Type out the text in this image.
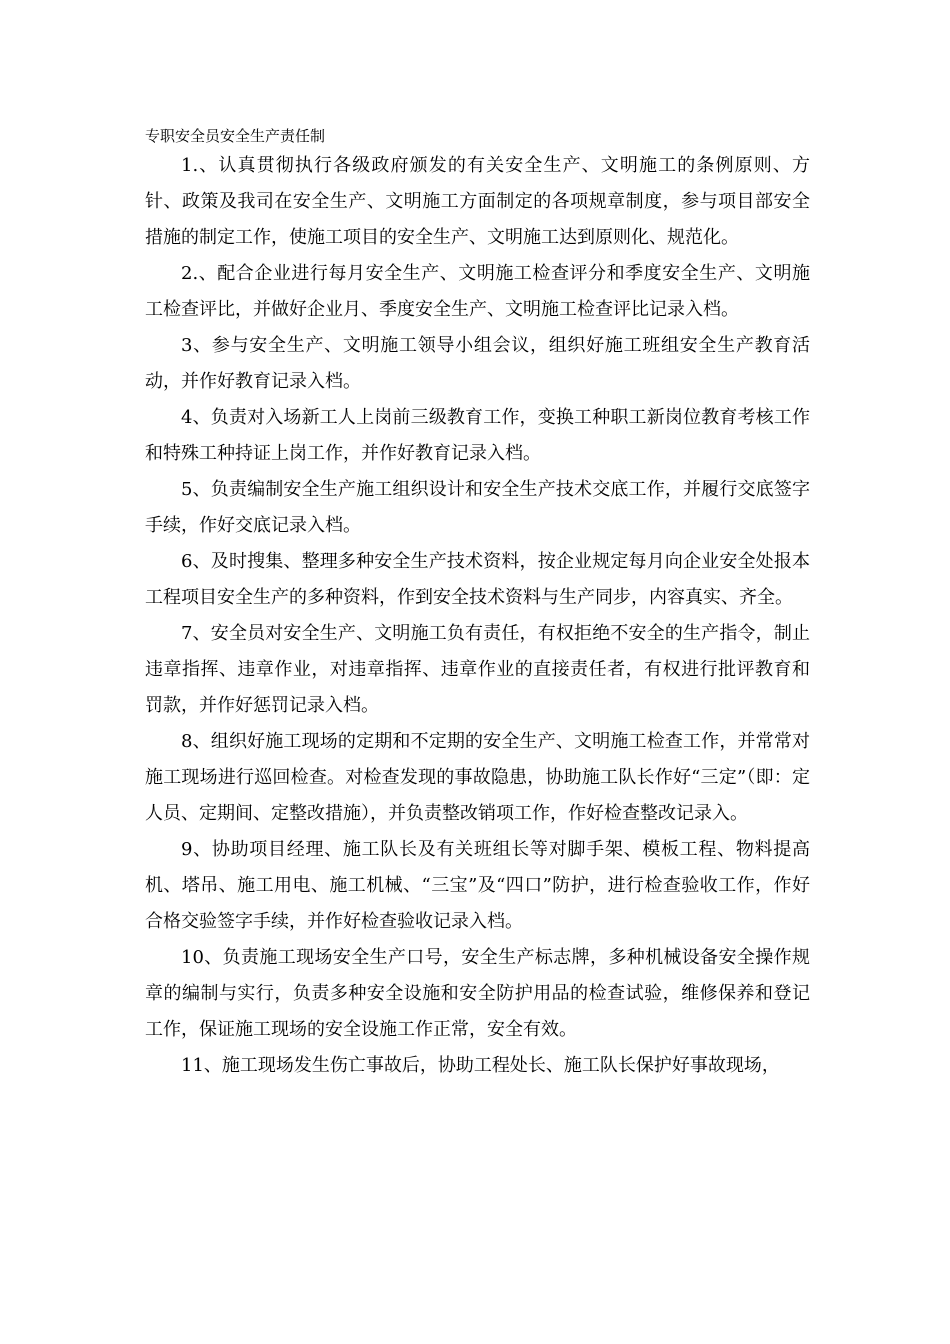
专职安全员安全生产责任制

1.、认真贯彻执行各级政府颁发的有关安全生产、文明施工的条例原则、方针、政策及我司在安全生产、文明施工方面制定的各项规章制度，参与项目部安全措施的制定工作，使施工项目的安全生产、文明施工达到原则化、规范化。

2.、配合企业进行每月安全生产、文明施工检查评分和季度安全生产、文明施工检查评比，并做好企业月、季度安全生产、文明施工检查评比记录入档。

3、参与安全生产、文明施工领导小组会议，组织好施工班组安全生产教育活动，并作好教育记录入档。

4、负责对入场新工人上岗前三级教育工作，变换工种职工新岗位教育考核工作和特殊工种持证上岗工作，并作好教育记录入档。

5、负责编制安全生产施工组织设计和安全生产技术交底工作，并履行交底签字手续，作好交底记录入档。

6、及时搜集、整理多种安全生产技术资料，按企业规定每月向企业安全处报本工程项目安全生产的多种资料，作到安全技术资料与生产同步，内容真实、齐全。

7、安全员对安全生产、文明施工负有责任，有权拒绝不安全的生产指令，制止违章指挥、违章作业，对违章指挥、违章作业的直接责任者，有权进行批评教育和罚款，并作好惩罚记录入档。

8、组织好施工现场的定期和不定期的安全生产、文明施工检查工作，并常常对施工现场进行巡回检查。对检查发现的事故隐患，协助施工队长作好“三定”（即：定人员、定期间、定整改措施），并负责整改销项工作，作好检查整改记录入。

9、协助项目经理、施工队长及有关班组长等对脚手架、模板工程、物料提高机、塔吊、施工用电、施工机械、“三宝”及“四口”防护，进行检查验收工作，作好合格交验签字手续，并作好检查验收记录入档。

10、负责施工现场安全生产口号，安全生产标志牌，多种机械设备安全操作规章的编制与实行，负责多种安全设施和安全防护用品的检查试验，维修保养和登记工作，保证施工现场的安全设施工作正常，安全有效。

11、施工现场发生伤亡事故后，协助工程处长、施工队长保护好事故现场，
